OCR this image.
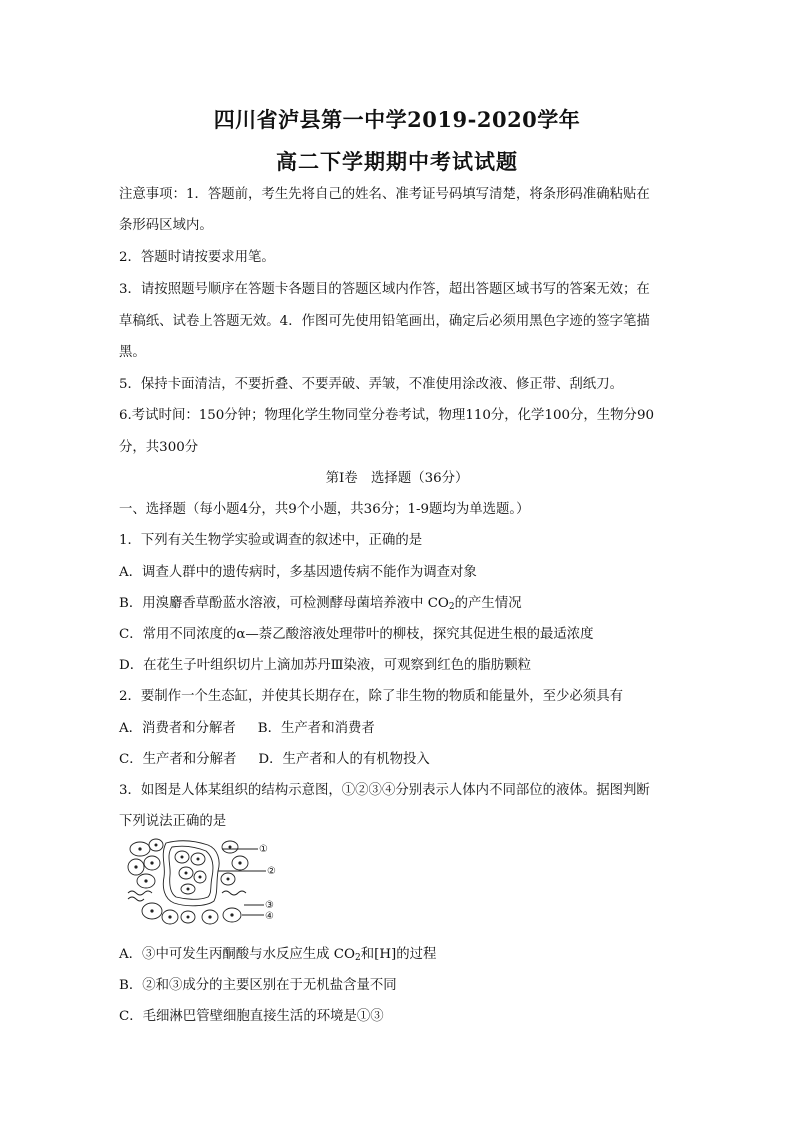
四川省泸县第一中学2019-2020学年
高二下学期期中考试试题
注意事项：1．答题前，考生先将自己的姓名、准考证号码填写清楚，将条形码准确粘贴在
条形码区域内。
2．答题时请按要求用笔。
3．请按照题号顺序在答题卡各题目的答题区域内作答，超出答题区域书写的答案无效；在
草稿纸、试卷上答题无效。4．作图可先使用铅笔画出，确定后必须用黑色字迹的签字笔描
黑。
5．保持卡面清洁，不要折叠、不要弄破、弄皱，不准使用涂改液、修正带、刮纸刀。
6.考试时间：150分钟；物理化学生物同堂分卷考试，物理110分，化学100分，生物分90
分，共300分
第Ⅰ卷　选择题（36分）
一、选择题（每小题4分，共9个小题，共36分；1-9题均为单选题。）
1．下列有关生物学实验或调查的叙述中，正确的是
A．调查人群中的遗传病时，多基因遗传病不能作为调查对象
B．用溴麝香草酚蓝水溶液，可检测酵母菌培养液中 $CO_2$的产生情况
C．常用不同浓度的α—萘乙酸溶液处理带叶的柳枝，探究其促进生根的最适浓度
D．在花生子叶组织切片上滴加苏丹Ⅲ染液，可观察到红色的脂肪颗粒
2．要制作一个生态缸，并使其长期存在，除了非生物的物质和能量外，至少必须具有
A．消费者和分解者 B．生产者和消费者
C．生产者和分解者 D．生产者和人的有机物投入
3．如图是人体某组织的结构示意图，①②③④分别表示人体内不同部位的液体。据图判断
下列说法正确的是
①
②
③
④
A．③中可发生丙酮酸与水反应生成 $CO_2$和[H]的过程
B．②和③成分的主要区别在于无机盐含量不同
C．毛细淋巴管壁细胞直接生活的环境是①③
